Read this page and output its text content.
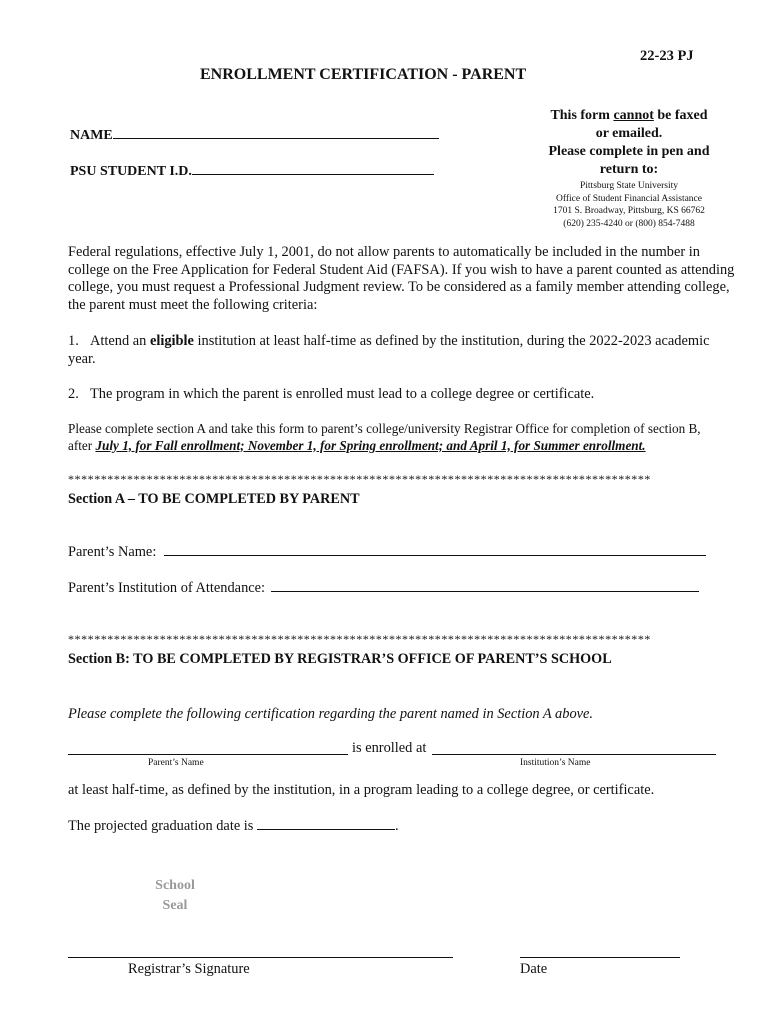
22-23 PJ
ENROLLMENT CERTIFICATION - PARENT
NAME
PSU STUDENT I.D.
This form cannot be faxed
or emailed.
Please complete in pen and
return to:
Pittsburg State University
Office of Student Financial Assistance
1701 S. Broadway, Pittsburg, KS 66762
(620) 235-4240 or (800) 854-7488
Federal regulations, effective July 1, 2001, do not allow parents to automatically be included in the number in college on the Free Application for Federal Student Aid (FAFSA). If you wish to have a parent counted as attending college, you must request a Professional Judgment review. To be considered as a family member attending college, the parent must meet the following criteria:
1. Attend an eligible institution at least half-time as defined by the institution, during the 2022-2023 academic year.
2. The program in which the parent is enrolled must lead to a college degree or certificate.
Please complete section A and take this form to parent’s college/university Registrar Office for completion of section B, after July 1, for Fall enrollment; November 1, for Spring enrollment; and April 1, for Summer enrollment.
*****************************************************************************************
Section A – TO BE COMPLETED BY PARENT
Parent’s Name:
Parent’s Institution of Attendance:
*****************************************************************************************
Section B: TO BE COMPLETED BY REGISTRAR’S OFFICE OF PARENT’S SCHOOL
Please complete the following certification regarding the parent named in Section A above.
is enrolled at
Parent’s Name	Institution’s Name
at least half-time, as defined by the institution, in a program leading to a college degree, or certificate.
The projected graduation date is	.
School
Seal
Registrar’s Signature	Date
